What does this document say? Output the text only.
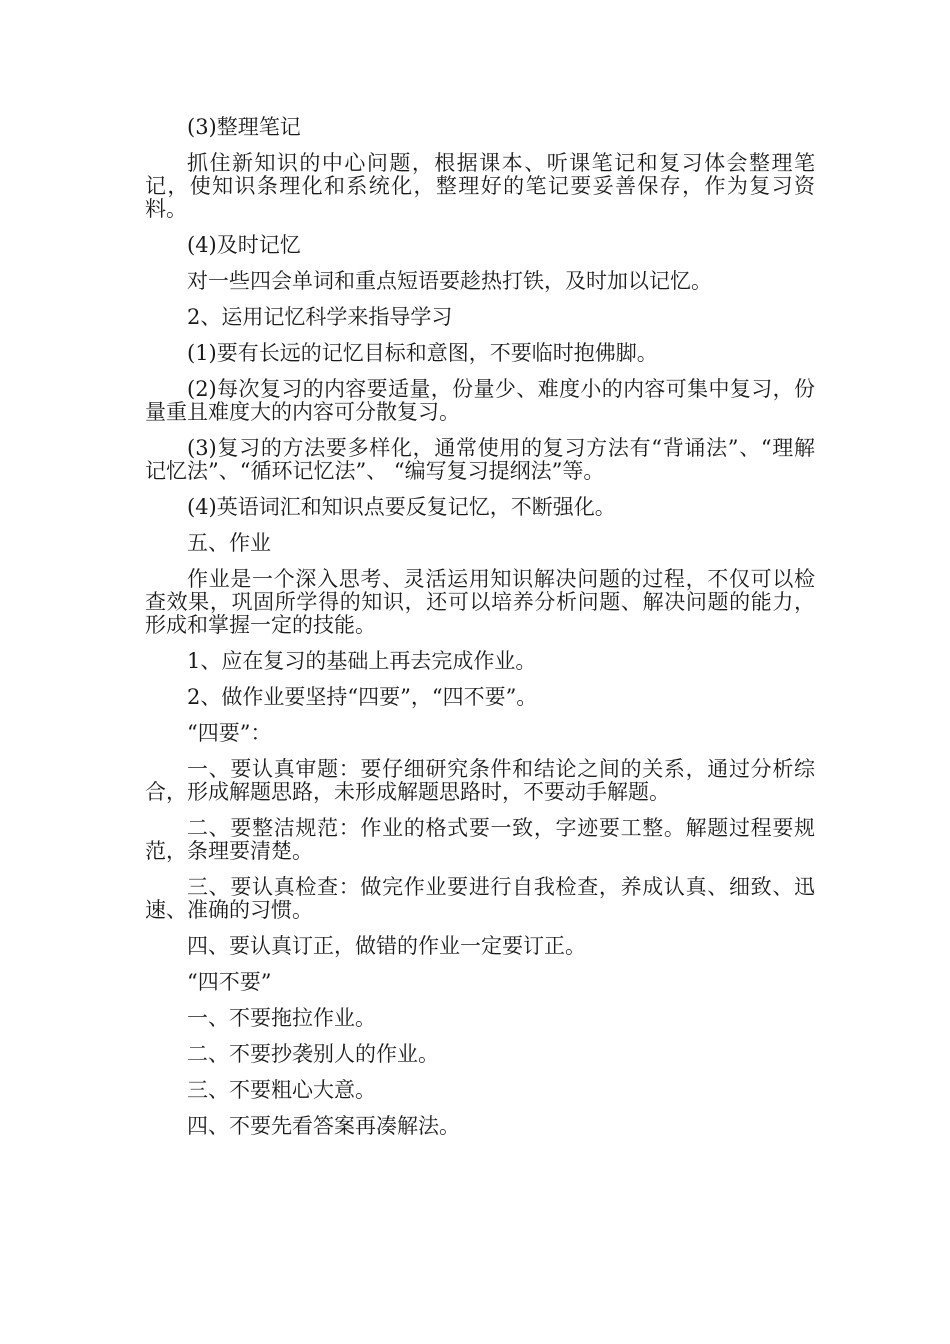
(3)整理笔记

抓住新知识的中心问题，根据课本、听课笔记和复习体会整理笔记，使知识条理化和系统化，整理好的笔记要妥善保存，作为复习资料。

(4)及时记忆

对一些四会单词和重点短语要趁热打铁，及时加以记忆。

2、运用记忆科学来指导学习

(1)要有长远的记忆目标和意图，不要临时抱佛脚。

(2)每次复习的内容要适量，份量少、难度小的内容可集中复习，份量重且难度大的内容可分散复习。

(3)复习的方法要多样化，通常使用的复习方法有“背诵法”、“理解记忆法”、“循环记忆法”、 “编写复习提纲法”等。

(4)英语词汇和知识点要反复记忆，不断强化。

五、作业

作业是一个深入思考、灵活运用知识解决问题的过程，不仅可以检查效果，巩固所学得的知识，还可以培养分析问题、解决问题的能力，形成和掌握一定的技能。

1、应在复习的基础上再去完成作业。

2、做作业要坚持“四要”，“四不要”。

“四要”：

一、要认真审题：要仔细研究条件和结论之间的关系，通过分析综合，形成解题思路，未形成解题思路时，不要动手解题。

二、要整洁规范：作业的格式要一致，字迹要工整。解题过程要规范，条理要清楚。

三、要认真检查：做完作业要进行自我检查，养成认真、细致、迅速、准确的习惯。

四、要认真订正，做错的作业一定要订正。

“四不要”

一、不要拖拉作业。

二、不要抄袭别人的作业。

三、不要粗心大意。

四、不要先看答案再凑解法。
